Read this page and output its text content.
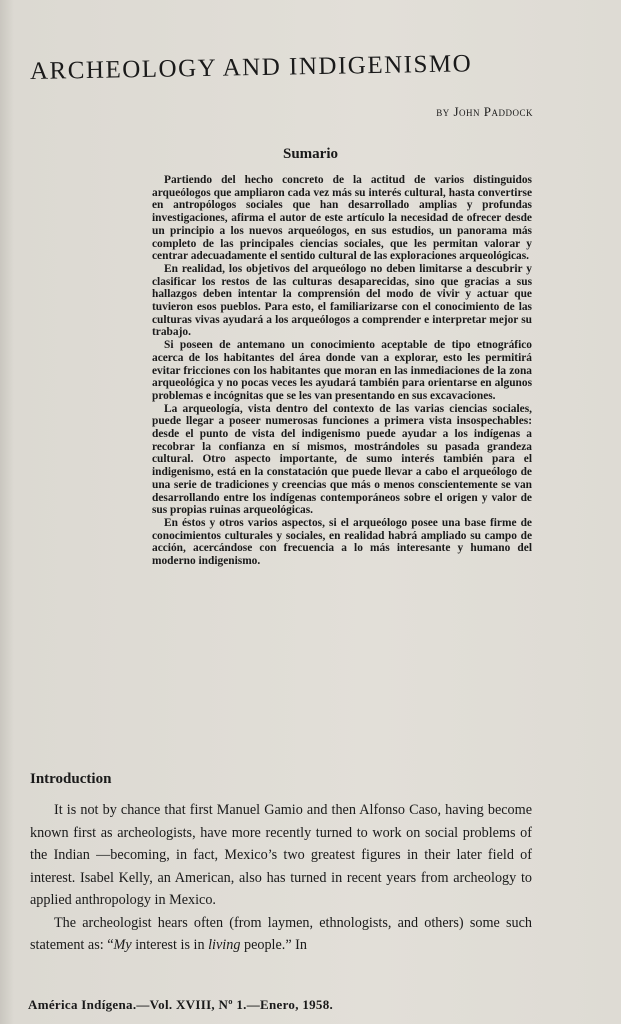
ARCHEOLOGY AND INDIGENISMO
by John Paddock
Sumario

Partiendo del hecho concreto de la actitud de varios distinguidos arqueólogos que ampliaron cada vez más su interés cultural, hasta convertirse en antropólogos sociales que han desarrollado amplias y profundas investigaciones, afirma el autor de este artículo la necesidad de ofrecer desde un principio a los nuevos arqueólogos, en sus estudios, un panorama más completo de las principales ciencias sociales, que les permitan valorar y centrar adecuadamente el sentido cultural de las exploraciones arqueológicas.

En realidad, los objetivos del arqueólogo no deben limitarse a descubrir y clasificar los restos de las culturas desaparecidas, sino que gracias a sus hallazgos deben intentar la comprensión del modo de vivir y actuar que tuvieron esos pueblos. Para esto, el familiarizarse con el conocimiento de las culturas vivas ayudará a los arqueólogos a comprender e interpretar mejor su trabajo.

Si poseen de antemano un conocimiento aceptable de tipo etnográfico acerca de los habitantes del área donde van a explorar, esto les permitirá evitar fricciones con los habitantes que moran en las inmediaciones de la zona arqueológica y no pocas veces les ayudará también para orientarse en algunos problemas e incógnitas que se les van presentando en sus excavaciones.

La arqueología, vista dentro del contexto de las varias ciencias sociales, puede llegar a poseer numerosas funciones a primera vista insospechables: desde el punto de vista del indigenismo puede ayudar a los indígenas a recobrar la confianza en sí mismos, mostrándoles su pasada grandeza cultural. Otro aspecto importante, de sumo interés también para el indigenismo, está en la constatación que puede llevar a cabo el arqueólogo de una serie de tradiciones y creencias que más o menos conscientemente se van desarrollando entre los indígenas contemporáneos sobre el origen y valor de sus propias ruinas arqueológicas.

En éstos y otros varios aspectos, si el arqueólogo posee una base firme de conocimientos culturales y sociales, en realidad habrá ampliado su campo de acción, acercándose con frecuencia a lo más interesante y humano del moderno indigenismo.

Introduction

It is not by chance that first Manuel Gamio and then Alfonso Caso, having become known first as archeologists, have more recently turned to work on social problems of the Indian —becoming, in fact, Mexico’s two greatest figures in their later field of interest. Isabel Kelly, an American, also has turned in recent years from archeology to applied anthropology in Mexico.

The archeologist hears often (from laymen, ethnologists, and others) some such statement as: “My interest is in living people.” In

América Indígena.—Vol. XVIII, Nº 1.—Enero, 1958.
